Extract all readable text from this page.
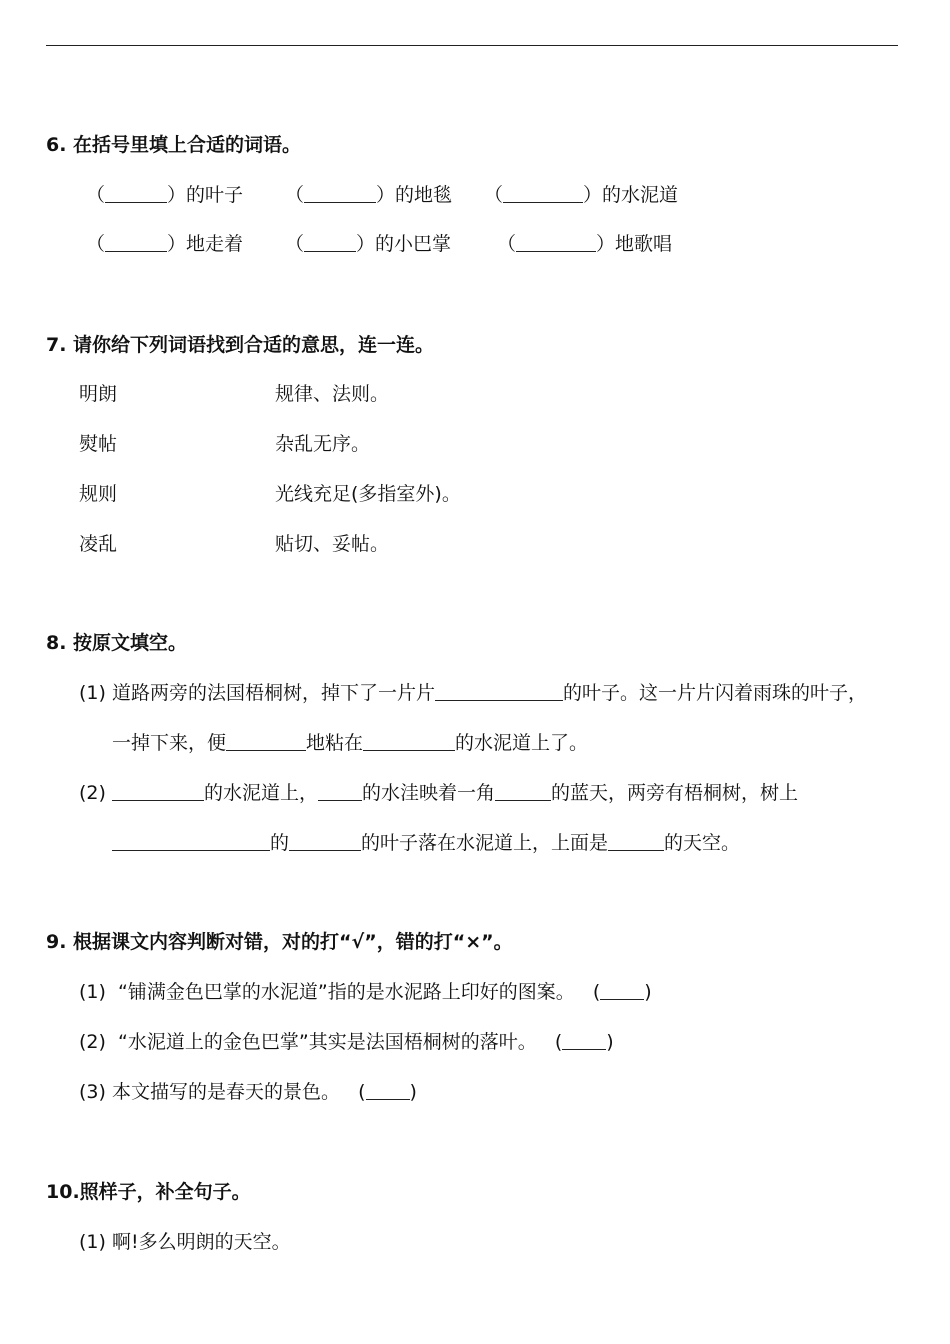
6. 在括号里填上合适的词语。
（	）的叶子 （	）的地毯 （	）的水泥道
（	）地走着 （	）的小巴掌 （	）地歌唱
7. 请你给下列词语找到合适的意思，连一连。
明朗	规律、法则。
熨帖	杂乱无序。
规则	光线充足(多指室外)。
凌乱	贴切、妥帖。
8. 按原文填空。
(1) 道路两旁的法国梧桐树，掉下了一片片	的叶子。这一片片闪着雨珠的叶子，
一掉下来，便	地粘在	的水泥道上了。
(2)	的水泥道上， 的水洼映着一角	的蓝天，两旁有梧桐树，树上
的	的叶子落在水泥道上，上面是	的天空。
9. 根据课文内容判断对错，对的打“√”，错的打“×”。
(1) “铺满金色巴掌的水泥道”指的是水泥路上印好的图案。 ( )
(2) “水泥道上的金色巴掌”其实是法国梧桐树的落叶。 ( )
(3) 本文描写的是春天的景色。 ( )
10.照样子，补全句子。
(1) 啊!多么明朗的天空。
